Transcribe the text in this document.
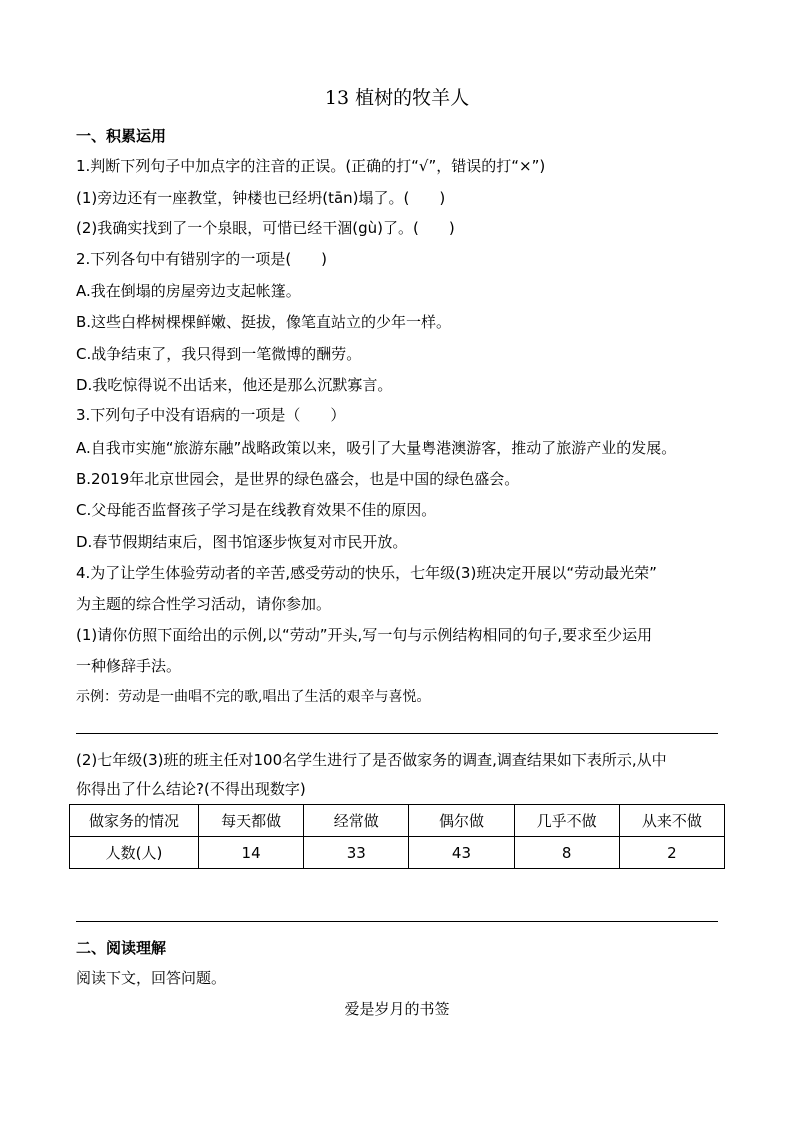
13 植树的牧羊人
一、积累运用
1.判断下列句子中加点字的注音的正误。(正确的打“√”，错误的打“×”)
(1)旁边还有一座教堂，钟楼也已经坍(tān)塌了。(　　)
(2)我确实找到了一个泉眼，可惜已经干涸(gù)了。(　　)
2.下列各句中有错别字的一项是(　　)
A.我在倒塌的房屋旁边支起帐篷。
B.这些白桦树棵棵鲜嫩、挺拔，像笔直站立的少年一样。
C.战争结束了，我只得到一笔微博的酬劳。
D.我吃惊得说不出话来，他还是那么沉默寡言。
3.下列句子中没有语病的一项是（　　）
A.自我市实施“旅游东融”战略政策以来，吸引了大量粤港澳游客，推动了旅游产业的发展。
B.2019年北京世园会，是世界的绿色盛会，也是中国的绿色盛会。
C.父母能否监督孩子学习是在线教育效果不佳的原因。
D.春节假期结束后，图书馆逐步恢复对市民开放。
4.为了让学生体验劳动者的辛苦,感受劳动的快乐，七年级(3)班决定开展以“劳动最光荣”
为主题的综合性学习活动，请你参加。
(1)请你仿照下面给出的示例,以“劳动”开头,写一句与示例结构相同的句子,要求至少运用
一种修辞手法。
示例：劳动是一曲唱不完的歌,唱出了生活的艰辛与喜悦。
(2)七年级(3)班的班主任对100名学生进行了是否做家务的调查,调查结果如下表所示,从中
你得出了什么结论?(不得出现数字)
做家务的情况	每天都做	经常做	偶尔做	几乎不做	从来不做
人数(人)	14	33	43	8	2
二、阅读理解
阅读下文，回答问题。
爱是岁月的书签
